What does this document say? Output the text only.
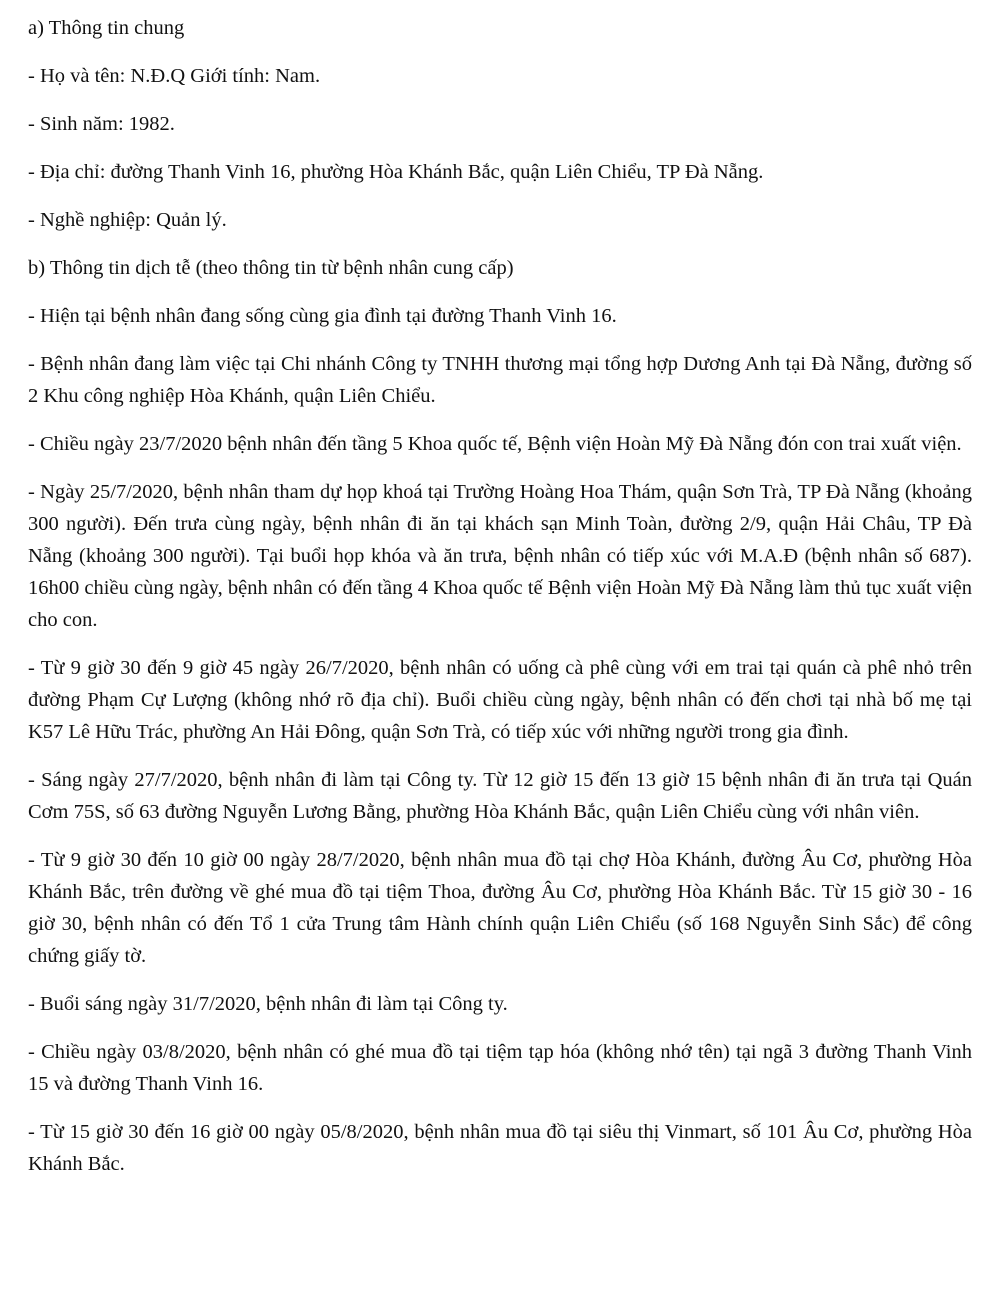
a) Thông tin chung

- Họ và tên: N.Đ.Q Giới tính: Nam.

- Sinh năm: 1982.

- Địa chỉ: đường Thanh Vinh 16, phường Hòa Khánh Bắc, quận Liên Chiểu, TP Đà Nẵng.

- Nghề nghiệp: Quản lý.

b) Thông tin dịch tễ (theo thông tin từ bệnh nhân cung cấp)

- Hiện tại bệnh nhân đang sống cùng gia đình tại đường Thanh Vinh 16.

- Bệnh nhân đang làm việc tại Chi nhánh Công ty TNHH thương mại tổng hợp Dương Anh tại Đà Nẵng, đường số 2 Khu công nghiệp Hòa Khánh, quận Liên Chiểu.

- Chiều ngày 23/7/2020 bệnh nhân đến tầng 5 Khoa quốc tế, Bệnh viện Hoàn Mỹ Đà Nẵng đón con trai xuất viện.

- Ngày 25/7/2020, bệnh nhân tham dự họp khoá tại Trường Hoàng Hoa Thám, quận Sơn Trà, TP Đà Nẵng (khoảng 300 người). Đến trưa cùng ngày, bệnh nhân đi ăn tại khách sạn Minh Toàn, đường 2/9, quận Hải Châu, TP Đà Nẵng (khoảng 300 người). Tại buổi họp khóa và ăn trưa, bệnh nhân có tiếp xúc với M.A.Đ (bệnh nhân số 687). 16h00 chiều cùng ngày, bệnh nhân có đến tầng 4 Khoa quốc tế Bệnh viện Hoàn Mỹ Đà Nẵng làm thủ tục xuất viện cho con.

- Từ 9 giờ 30 đến 9 giờ 45 ngày 26/7/2020, bệnh nhân có uống cà phê cùng với em trai tại quán cà phê nhỏ trên đường Phạm Cự Lượng (không nhớ rõ địa chỉ). Buổi chiều cùng ngày, bệnh nhân có đến chơi tại nhà bố mẹ tại K57 Lê Hữu Trác, phường An Hải Đông, quận Sơn Trà, có tiếp xúc với những người trong gia đình.

- Sáng ngày 27/7/2020, bệnh nhân đi làm tại Công ty. Từ 12 giờ 15 đến 13 giờ 15 bệnh nhân đi ăn trưa tại Quán Cơm 75S, số 63 đường Nguyễn Lương Bằng, phường Hòa Khánh Bắc, quận Liên Chiểu cùng với nhân viên.

- Từ 9 giờ 30 đến 10 giờ 00 ngày 28/7/2020, bệnh nhân mua đồ tại chợ Hòa Khánh, đường Âu Cơ, phường Hòa Khánh Bắc, trên đường về ghé mua đồ tại tiệm Thoa, đường Âu Cơ, phường Hòa Khánh Bắc. Từ 15 giờ 30 - 16 giờ 30, bệnh nhân có đến Tổ 1 cửa Trung tâm Hành chính quận Liên Chiểu (số 168 Nguyễn Sinh Sắc) để công chứng giấy tờ.

- Buổi sáng ngày 31/7/2020, bệnh nhân đi làm tại Công ty.

- Chiều ngày 03/8/2020, bệnh nhân có ghé mua đồ tại tiệm tạp hóa (không nhớ tên) tại ngã 3 đường Thanh Vinh 15 và đường Thanh Vinh 16.

- Từ 15 giờ 30 đến 16 giờ 00 ngày 05/8/2020, bệnh nhân mua đồ tại siêu thị Vinmart, số 101 Âu Cơ, phường Hòa Khánh Bắc.
